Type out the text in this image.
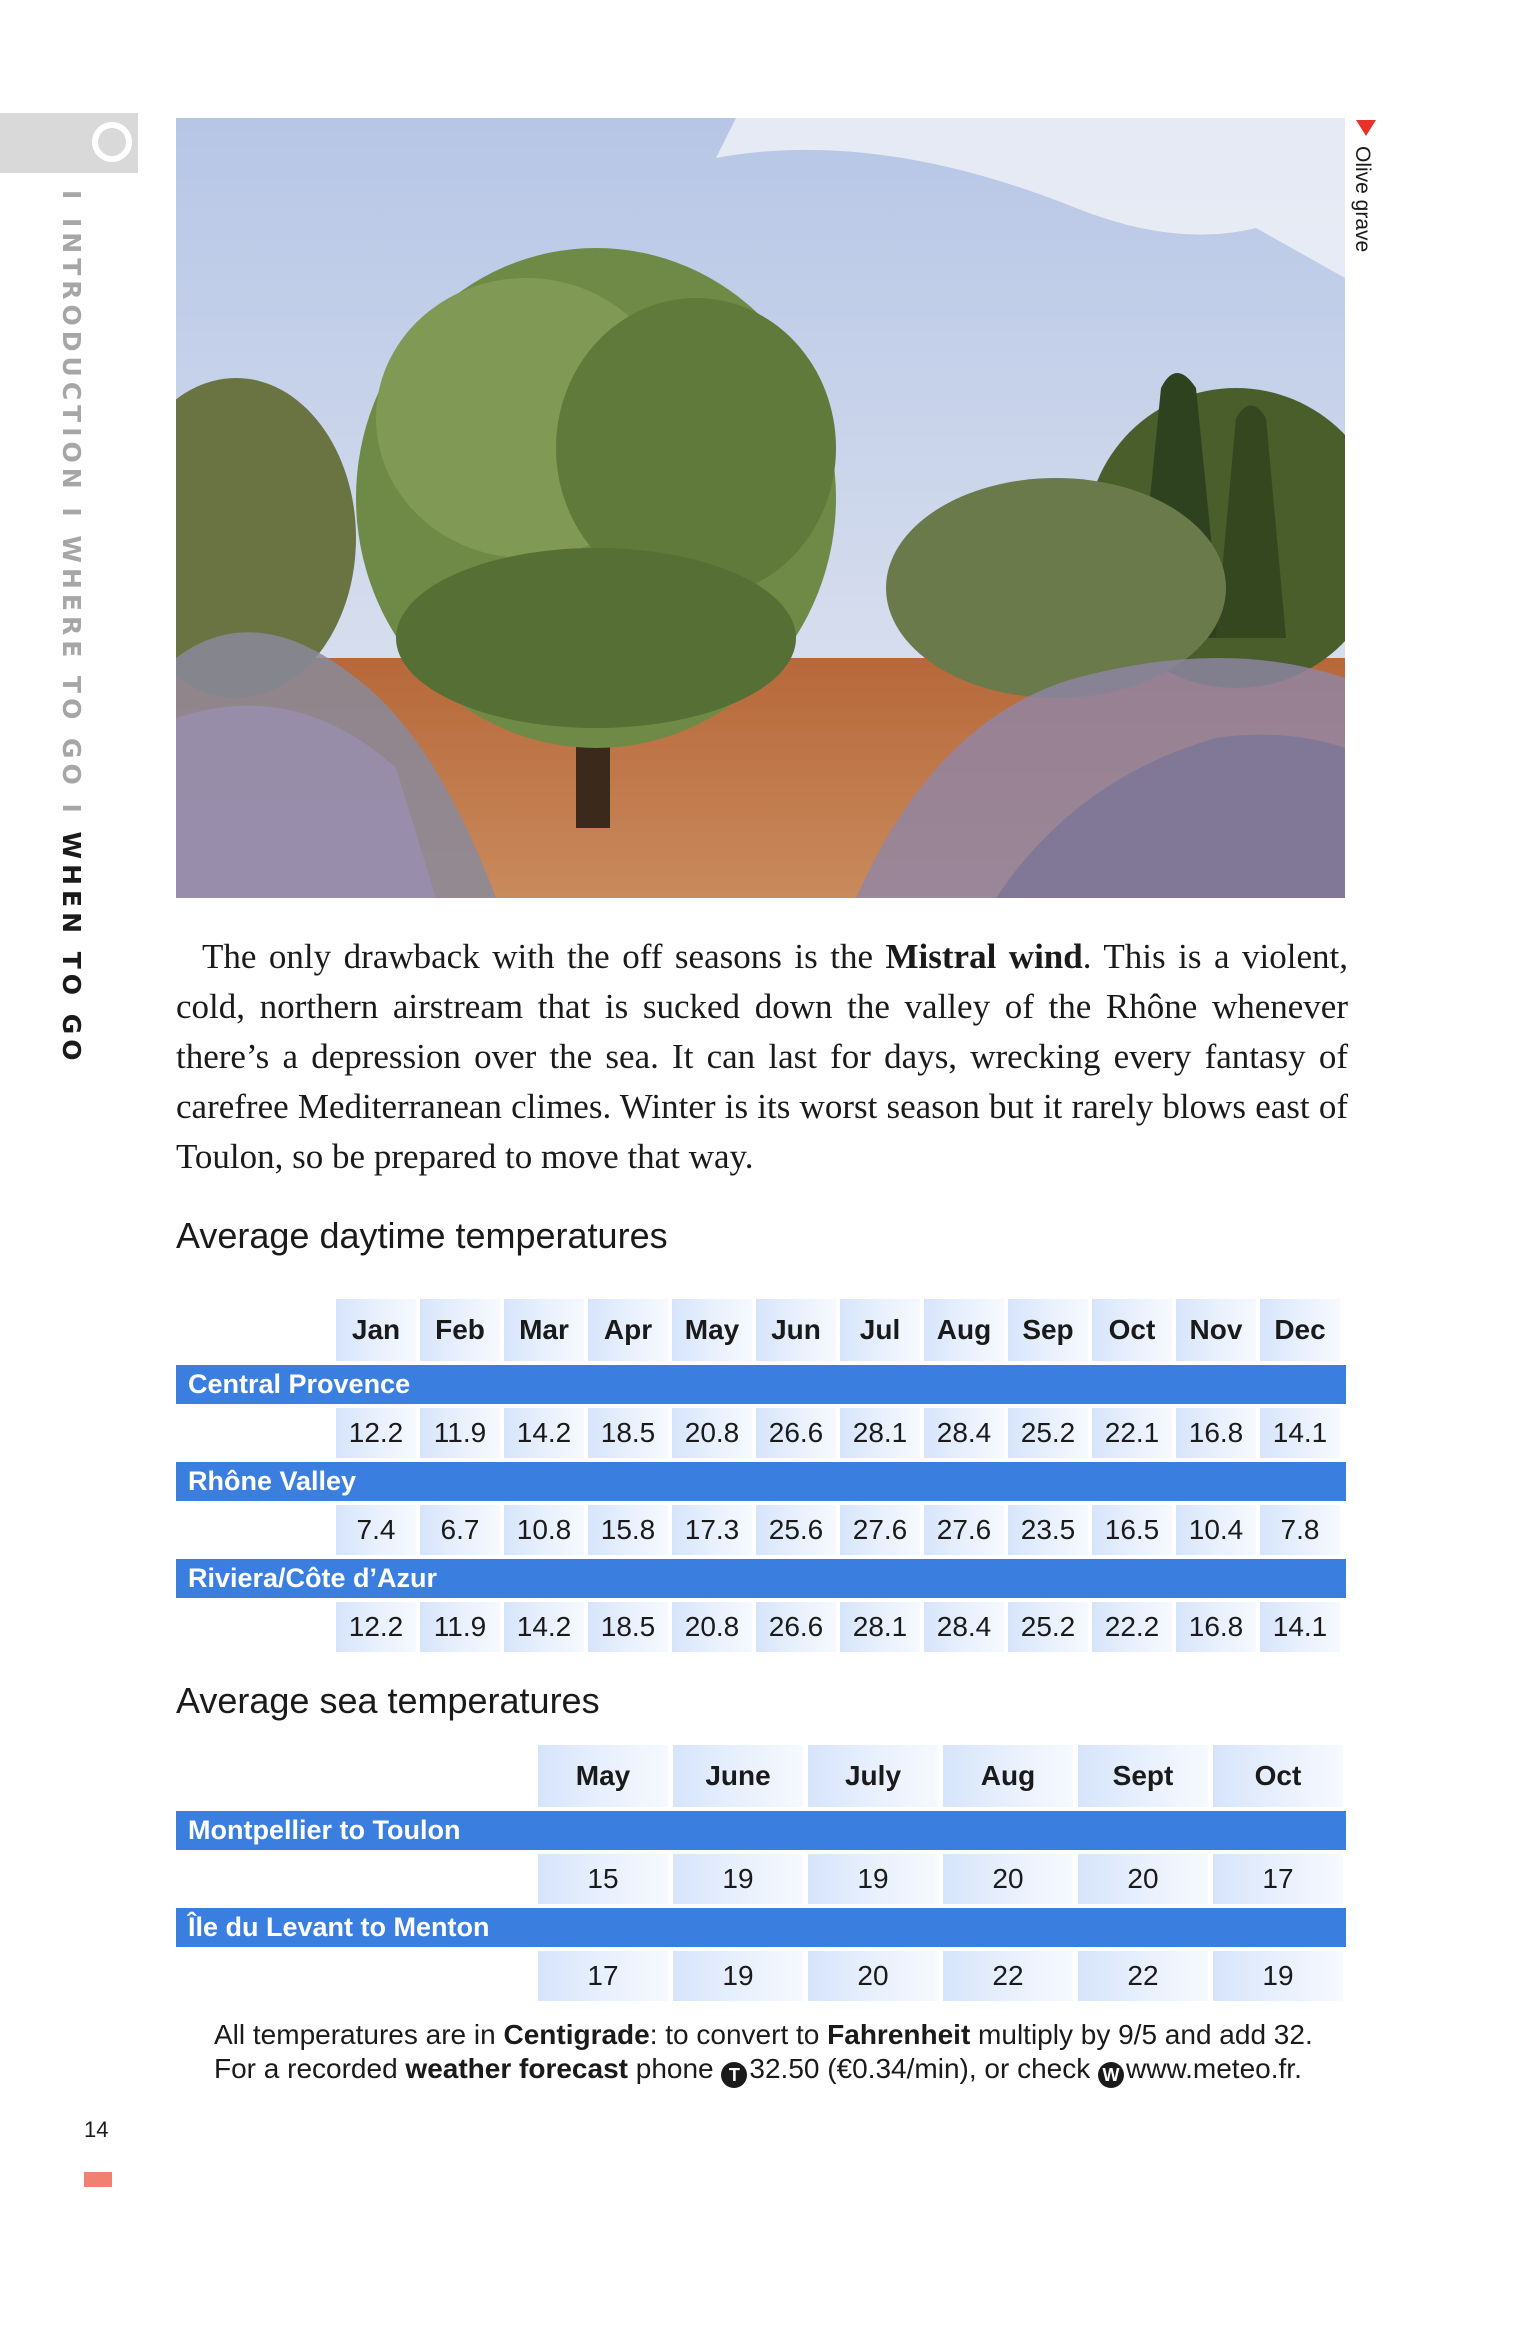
I INTRODUCTION I WHERE TO GO I WHEN TO GO
Olive grave
The only drawback with the off seasons is the Mistral wind. This is a violent, cold, northern airstream that is sucked down the valley of the Rhône whenever there’s a depression over the sea. It can last for days, wrecking every fantasy of carefree Mediterranean climes. Winter is its worst season but it rarely blows east of Toulon, so be prepared to move that way.
Average daytime temperatures
Jan	Feb	Mar	Apr	May	Jun	Jul	Aug	Sep	Oct	Nov	Dec
Central Provence
12.2	11.9	14.2	18.5	20.8	26.6	28.1	28.4	25.2	22.1	16.8	14.1
Rhône Valley
7.4	6.7	10.8	15.8	17.3	25.6	27.6	27.6	23.5	16.5	10.4	7.8
Riviera/Côte d’Azur
12.2	11.9	14.2	18.5	20.8	26.6	28.1	28.4	25.2	22.2	16.8	14.1
Average sea temperatures
May	June	July	Aug	Sept	Oct
Montpellier to Toulon
15	19	19	20	20	17
Île du Levant to Menton
17	19	20	22	22	19
All temperatures are in Centigrade: to convert to Fahrenheit multiply by 9/5 and add 32. For a recorded weather forecast phone T 32.50 (€0.34/min), or check W www.meteo.fr.
14
